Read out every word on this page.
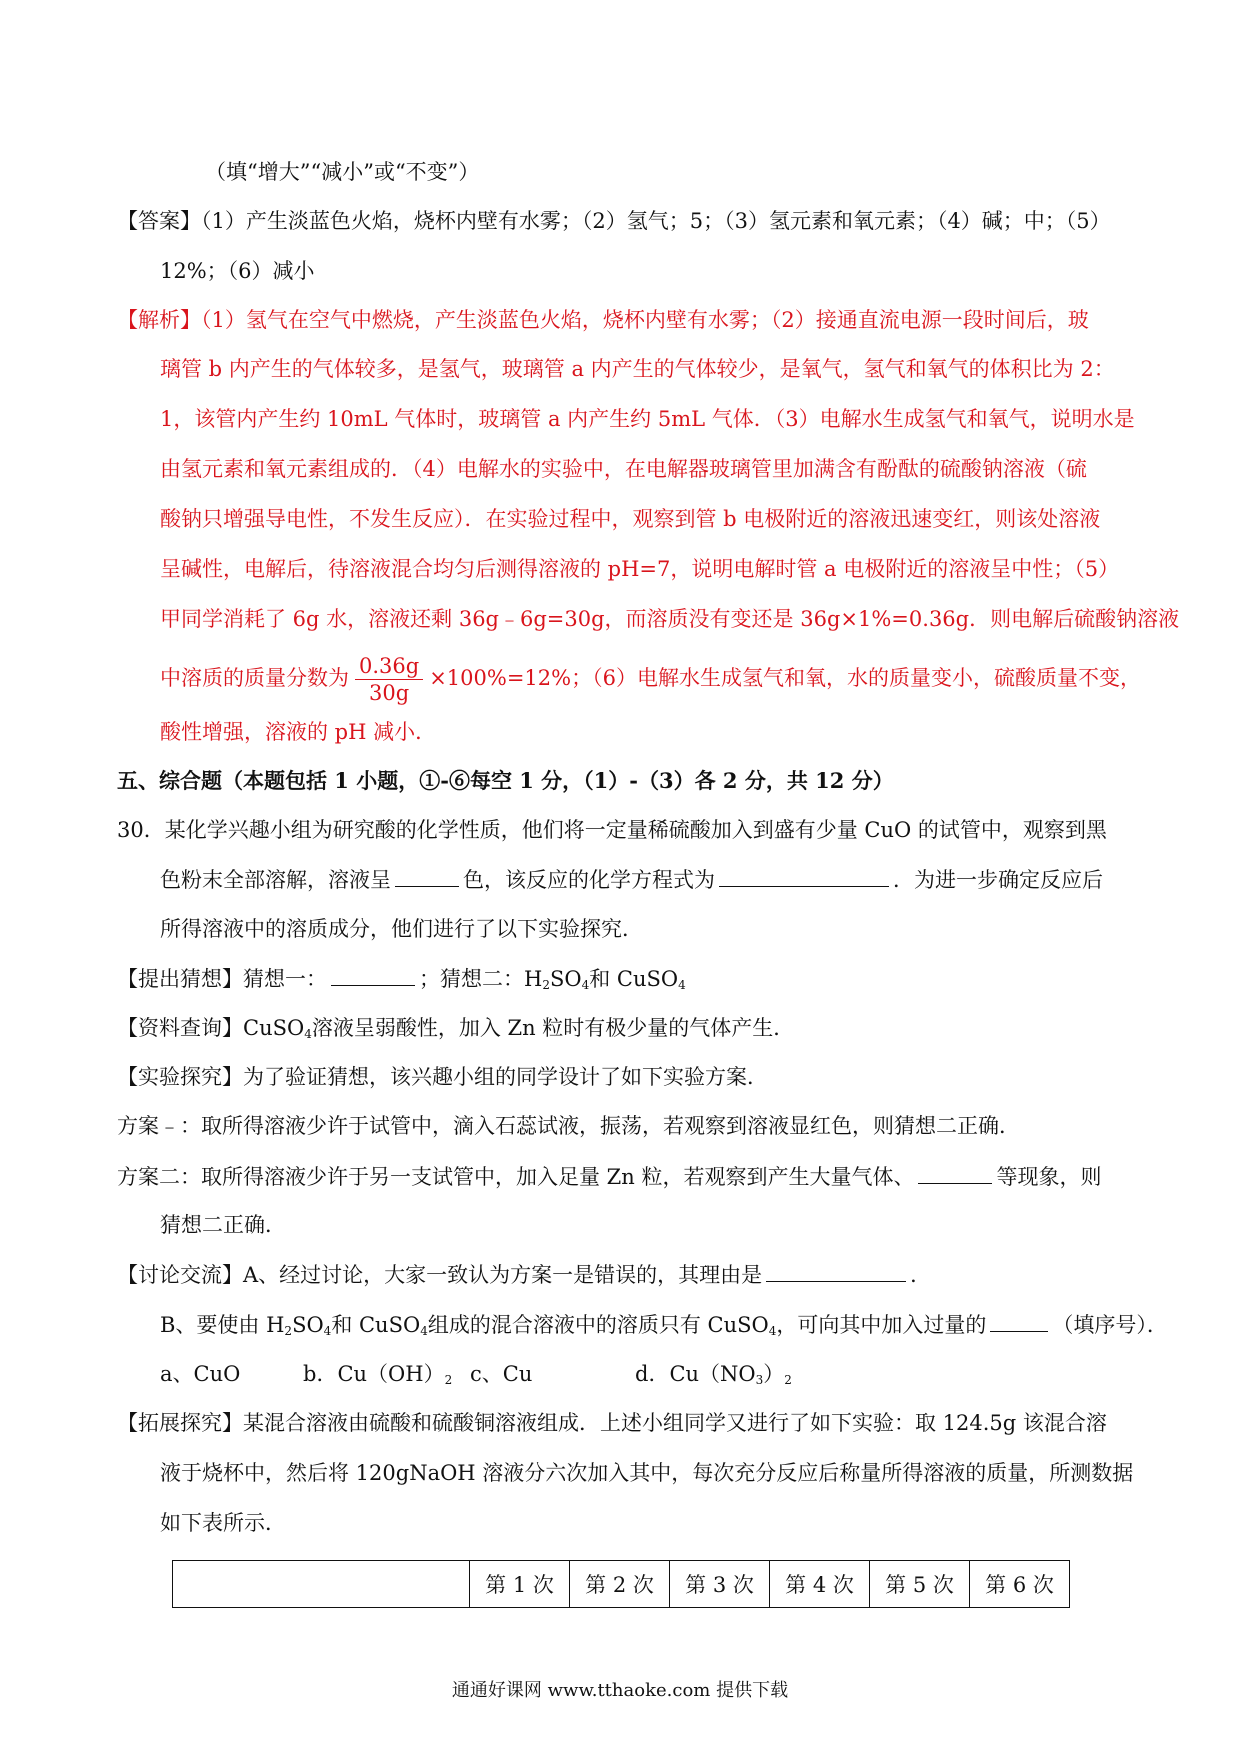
（填“增大”“减小”或“不变”）
【答案】（1）产生淡蓝色火焰，烧杯内壁有水雾；（2）氢气；5；（3）氢元素和氧元素；（4）碱；中；（5）
12%；（6）减小
【解析】（1）氢气在空气中燃烧，产生淡蓝色火焰，烧杯内壁有水雾；（2）接通直流电源一段时间后，玻
璃管 b 内产生的气体较多，是氢气，玻璃管 a 内产生的气体较少，是氧气，氢气和氧气的体积比为 2：
1，该管内产生约 10mL 气体时，玻璃管 a 内产生约 5mL 气体．（3）电解水生成氢气和氧气，说明水是
由氢元素和氧元素组成的．（4）电解水的实验中，在电解器玻璃管里加满含有酚酞的硫酸钠溶液（硫
酸钠只增强导电性，不发生反应）．在实验过程中，观察到管 b 电极附近的溶液迅速变红，则该处溶液
呈碱性，电解后，待溶液混合均匀后测得溶液的 pH=7，说明电解时管 a 电极附近的溶液呈中性；（5）
甲同学消耗了 6g 水，溶液还剩 36g﹣6g=30g，而溶质没有变还是 36g×1%=0.36g．则电解后硫酸钠溶液
中溶质的质量分数为 $\frac{0.36g}{30g} \times 100\%=12\%$；（6）电解水生成氢气和氧，水的质量变小，硫酸质量不变，
酸性增强，溶液的 pH 减小．
五、综合题（本题包括 1 小题，①-⑥每空 1 分，（1）-（3）各 2 分，共 12 分）
30．某化学兴趣小组为研究酸的化学性质，他们将一定量稀硫酸加入到盛有少量 CuO 的试管中，观察到黑
色粉末全部溶解，溶液呈	色，该反应的化学方程式为	．为进一步确定反应后
所得溶液中的溶质成分，他们进行了以下实验探究．
【提出猜想】猜想一：	；猜想二：$H_2SO_4$和 CuSO$_4$
【资料查询】CuSO$_4$溶液呈弱酸性，加入 Zn 粒时有极少量的气体产生．
【实验探究】为了验证猜想，该兴趣小组的同学设计了如下实验方案．
方案﹣：取所得溶液少许于试管中，滴入石蕊试液，振荡，若观察到溶液显红色，则猜想二正确．
方案二：取所得溶液少许于另一支试管中，加入足量 Zn 粒，若观察到产生大量气体、	等现象，则
猜想二正确．
【讨论交流】A、经过讨论，大家一致认为方案一是错误的，其理由是	．
B、要使由 $H_2SO_4$和 CuSO$_4$组成的混合溶液中的溶质只有 CuSO$_4$，可向其中加入过量的	（填序号）．
a、CuO	b．$Cu(OH)_2$ c、Cu	d．$Cu(NO_3)_2$
【拓展探究】某混合溶液由硫酸和硫酸铜溶液组成．上述小组同学又进行了如下实验：取 124.5g 该混合溶
液于烧杯中，然后将 120gNaOH 溶液分六次加入其中，每次充分反应后称量所得溶液的质量，所测数据
如下表所示．
	第 1 次	第 2 次	第 3 次	第 4 次	第 5 次	第 6 次
通通好课网 www.tthaoke.com 提供下载
